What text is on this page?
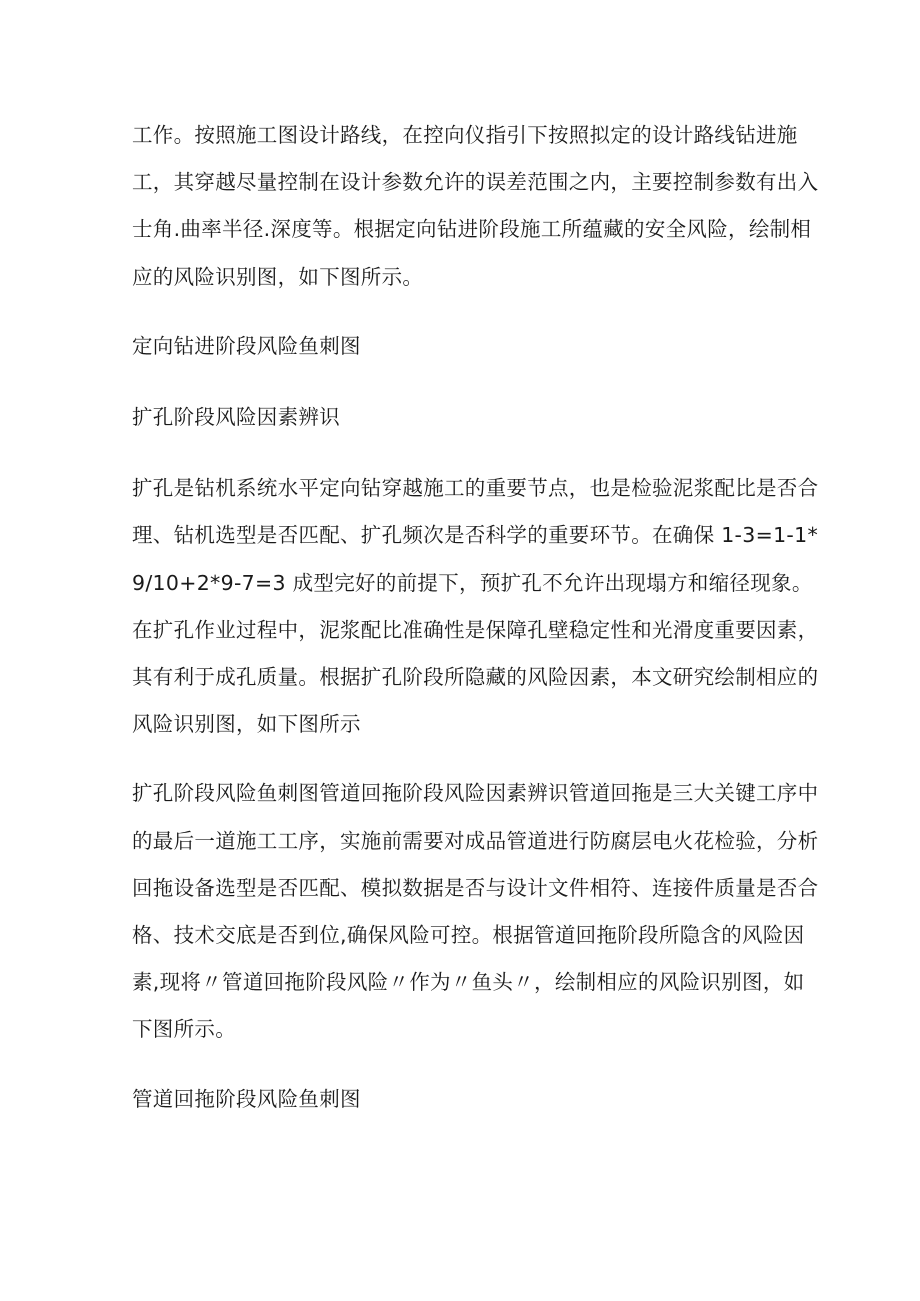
工作。按照施工图设计路线，在控向仪指引下按照拟定的设计路线钻进施工，其穿越尽量控制在设计参数允许的误差范围之内，主要控制参数有出入士角.曲率半径.深度等。根据定向钻进阶段施工所蕴藏的安全风险，绘制相应的风险识别图，如下图所示。

定向钻进阶段风险鱼刺图

扩孔阶段风险因素辨识

扩孔是钻机系统水平定向钻穿越施工的重要节点，也是检验泥浆配比是否合理、钻机选型是否匹配、扩孔频次是否科学的重要环节。在确保 1-3=1-1*9/10+2*9-7=3 成型完好的前提下，预扩孔不允许出现塌方和缩径现象。在扩孔作业过程中，泥浆配比准确性是保障孔壁稳定性和光滑度重要因素，其有利于成孔质量。根据扩孔阶段所隐藏的风险因素，本文研究绘制相应的风险识别图，如下图所示

扩孔阶段风险鱼刺图管道回拖阶段风险因素辨识管道回拖是三大关键工序中的最后一道施工工序，实施前需要对成品管道进行防腐层电火花检验，分析回拖设备选型是否匹配、模拟数据是否与设计文件相符、连接件质量是否合格、技术交底是否到位,确保风险可控。根据管道回拖阶段所隐含的风险因素,现将〃管道回拖阶段风险〃作为〃鱼头〃，绘制相应的风险识别图，如下图所示。

管道回拖阶段风险鱼刺图
